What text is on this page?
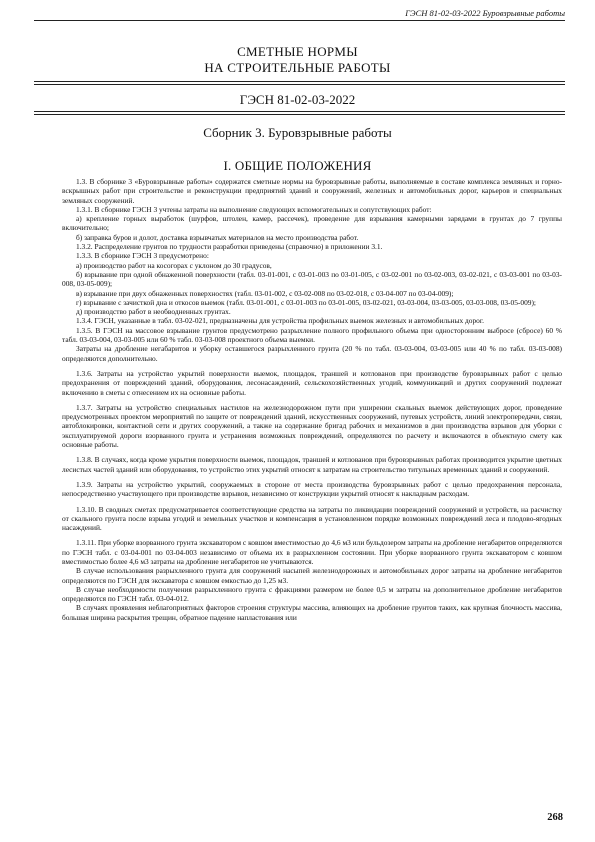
ГЭСН 81-02-03-2022 Буровзрывные работы
СМЕТНЫЕ НОРМЫ
НА СТРОИТЕЛЬНЫЕ РАБОТЫ
ГЭСН 81-02-03-2022
Сборник 3. Буровзрывные работы
I. ОБЩИЕ ПОЛОЖЕНИЯ

1.3. В сборнике 3 «Буровзрывные работы» содержатся сметные нормы на буровзрывные работы, выполняемые в составе комплекса земляных и горно-вскрышных работ при строительстве и реконструкции предприятий зданий и сооружений, железных и автомобильных дорог, карьеров и специальных земляных сооружений.

1.3.1. В сборнике ГЭСН 3 учтены затраты на выполнение следующих вспомогательных и сопутствующих работ:

а) крепление горных выработок (шурфов, штолен, камер, рассечек), проведение для взрывания камерными зарядами в грунтах до 7 группы включительно;

б) заправка буров и долот, доставка взрывчатых материалов на место производства работ.

1.3.2. Распределение грунтов по трудности разработки приведены (справочно) в приложении 3.1.

1.3.3. В сборнике ГЭСН 3 предусмотрено:

а) производство работ на косогорах с уклоном до 30 градусов,

б) взрывание при одной обнаженной поверхности (табл. 03-01-001, с 03-01-003 по 03-01-005, с 03-02-001 по 03-02-003, 03-02-021, с 03-03-001 по 03-03-008, 03-05-009);

в) взрывание при двух обнаженных поверхностях (табл. 03-01-002, с 03-02-008 по 03-02-018, с 03-04-007 по 03-04-009);

г) взрывание с зачисткой дна и откосов выемок (табл. 03-01-001, с 03-01-003 по 03-01-005, 03-02-021, 03-03-004, 03-03-005, 03-03-008, 03-05-009);

д) производство работ в необводненных грунтах.

1.3.4. ГЭСН, указанные в табл. 03-02-021, предназначены для устройства профильных выемок железных и автомобильных дорог.

1.3.5. В ГЭСН на массовое взрывание грунтов предусмотрено разрыхление полного профильного объема при односторонним выбросе (сбросе) 60 % табл. 03-03-004, 03-03-005 или 60 % табл. 03-03-008 проектного объема выемки.

Затраты на дробление негабаритов и уборку оставшегося разрыхленного грунта (20 % по табл. 03-03-004, 03-03-005 или 40 % по табл. 03-03-008) определяются дополнительно.

1.3.6. Затраты на устройство укрытий поверхности выемок, площадок, траншей и котлованов при производстве буровзрывных работ с целью предохранения от повреждений зданий, оборудования, лесонасаждений, сельскохозяйственных угодий, коммуникаций и других сооружений подлежат включению в сметы с отнесением их на основные работы.

1.3.7. Затраты на устройство специальных настилов на железнодорожном пути при уширении скальных выемок действующих дорог, проведение предусмотренных проектом мероприятий по защите от повреждений зданий, искусственных сооружений, путевых устройств, линий электропередачи, связи, автоблокировки, контактной сети и других сооружений, а также на содержание бригад рабочих и механизмов в дни производства взрывов для уборки с эксплуатируемой дороги взорванного грунта и устранения возможных повреждений, определяются по расчету и включаются в объектную смету как основные работы.

1.3.8. В случаях, когда кроме укрытия поверхности выемок, площадок, траншей и котлованов при буровзрывных работах производится укрытие цветных лесистых частей зданий или оборудования, то устройство этих укрытий относят к затратам на строительство титульных временных зданий и сооружений.

1.3.9. Затраты на устройство укрытий, сооружаемых в стороне от места производства буровзрывных работ с целью предохранения персонала, непосредственно участвующего при производстве взрывов, независимо от конструкции укрытий относят к накладным расходам.

1.3.10. В сводных сметах предусматривается соответствующие средства на затраты по ликвидации повреждений сооружений и устройств, на расчистку от скального грунта после взрыва угодий и земельных участков и компенсация в установленном порядке возможных повреждений леса и плодово-ягодных насаждений.

1.3.11. При уборке взорванного грунта экскаватором с ковшом вместимостью до 4,6 м3 или бульдозером затраты на дробление негабаритов определяются по ГЭСН табл. с 03-04-001 по 03-04-003 независимо от объема их в разрыхленном состоянии. При уборке взорванного грунта экскаватором с ковшом вместимостью более 4,6 м3 затраты на дробление негабаритов не учитываются.

В случае использования разрыхленного грунта для сооружений насыпей железнодорожных и автомобильных дорог затраты на дробление негабаритов определяются по ГЭСН для экскаватора с ковшом емкостью до 1,25 м3.

В случае необходимости получения разрыхленного грунта с фракциями размером не более 0,5 м затраты на дополнительное дробление негабаритов определяются по ГЭСН табл. 03-04-012.

В случаях проявления неблагоприятных факторов строения структуры массива, влияющих на дробление грунтов таких, как крупная блочность массива, большая ширина раскрытия трещин, обратное падение напластования или

268
